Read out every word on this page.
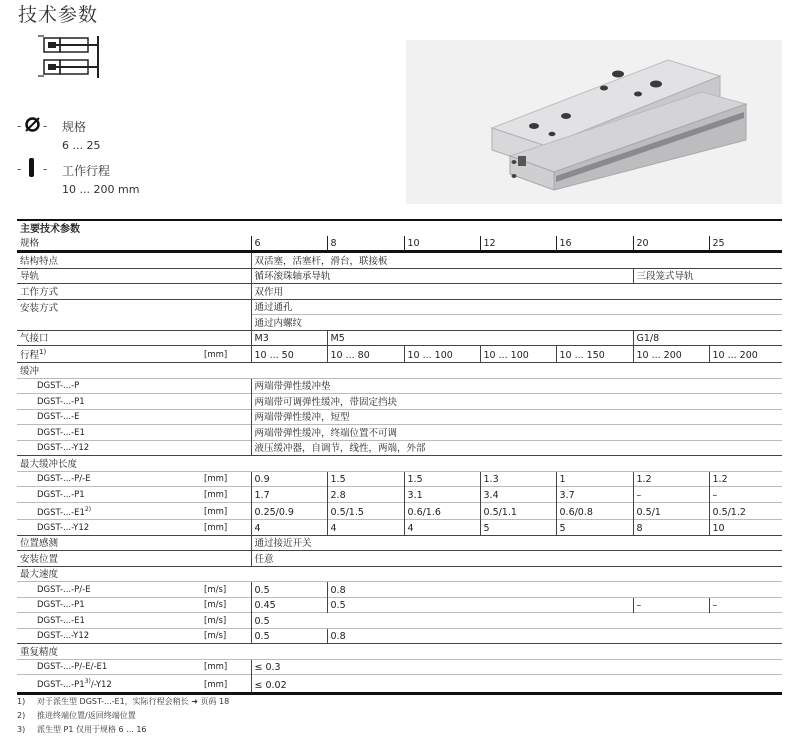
技术参数
- - 规格
6 ... 25
- - 工作行程
10 ... 200 mm
主要技术参数								
规格		6	8	10	12	16	20	25
结构特点		双活塞，活塞杆，滑台，联接板						
导轨		循环滚珠轴承导轨					三段笼式导轨	
工作方式		双作用						
安装方式		通过通孔						
		通过内螺纹						
气接口		M3	M5				G1/8	
行程$^{1)}$	[mm]	10 ... 50	10 ... 80	10 ... 100	10 ... 100	10 ... 150	10 ... 200	10 ... 200
缓冲								
DGST-...-P		两端带弹性缓冲垫						
DGST-...-P1		两端带可调弹性缓冲，带固定挡块						
DGST-...-E		两端带弹性缓冲，短型						
DGST-...-E1		两端带弹性缓冲，终端位置不可调						
DGST-...-Y12		液压缓冲器，自调节，线性，两端，外部						
最大缓冲长度								
DGST-...-P/-E	[mm]	0.9	1.5	1.5	1.3	1	1.2	1.2
DGST-...-P1	[mm]	1.7	2.8	3.1	3.4	3.7	–	–
DGST-...-E1$^{2)}$	[mm]	0.25/0.9	0.5/1.5	0.6/1.6	0.5/1.1	0.6/0.8	0.5/1	0.5/1.2
DGST-...-Y12	[mm]	4	4	4	5	5	8	10
位置感测		通过接近开关						
安装位置		任意						
最大速度								
DGST-...-P/-E	[m/s]	0.5	0.8					
DGST-...-P1	[m/s]	0.45	0.5				–	–
DGST-...-E1	[m/s]	0.5						
DGST-...-Y12	[m/s]	0.5	0.8					
重复精度								
DGST-...-P/-E/-E1	[mm]	≤ 0.3						
DGST-...-P1$^{3)}$/-Y12	[mm]	≤ 0.02						
1) 对于派生型 DGST-...-E1，实际行程会稍长 ➜ 页码 18
2) 推进终端位置/返回终端位置
3) 派生型 P1 仅用于规格 6 ... 16
